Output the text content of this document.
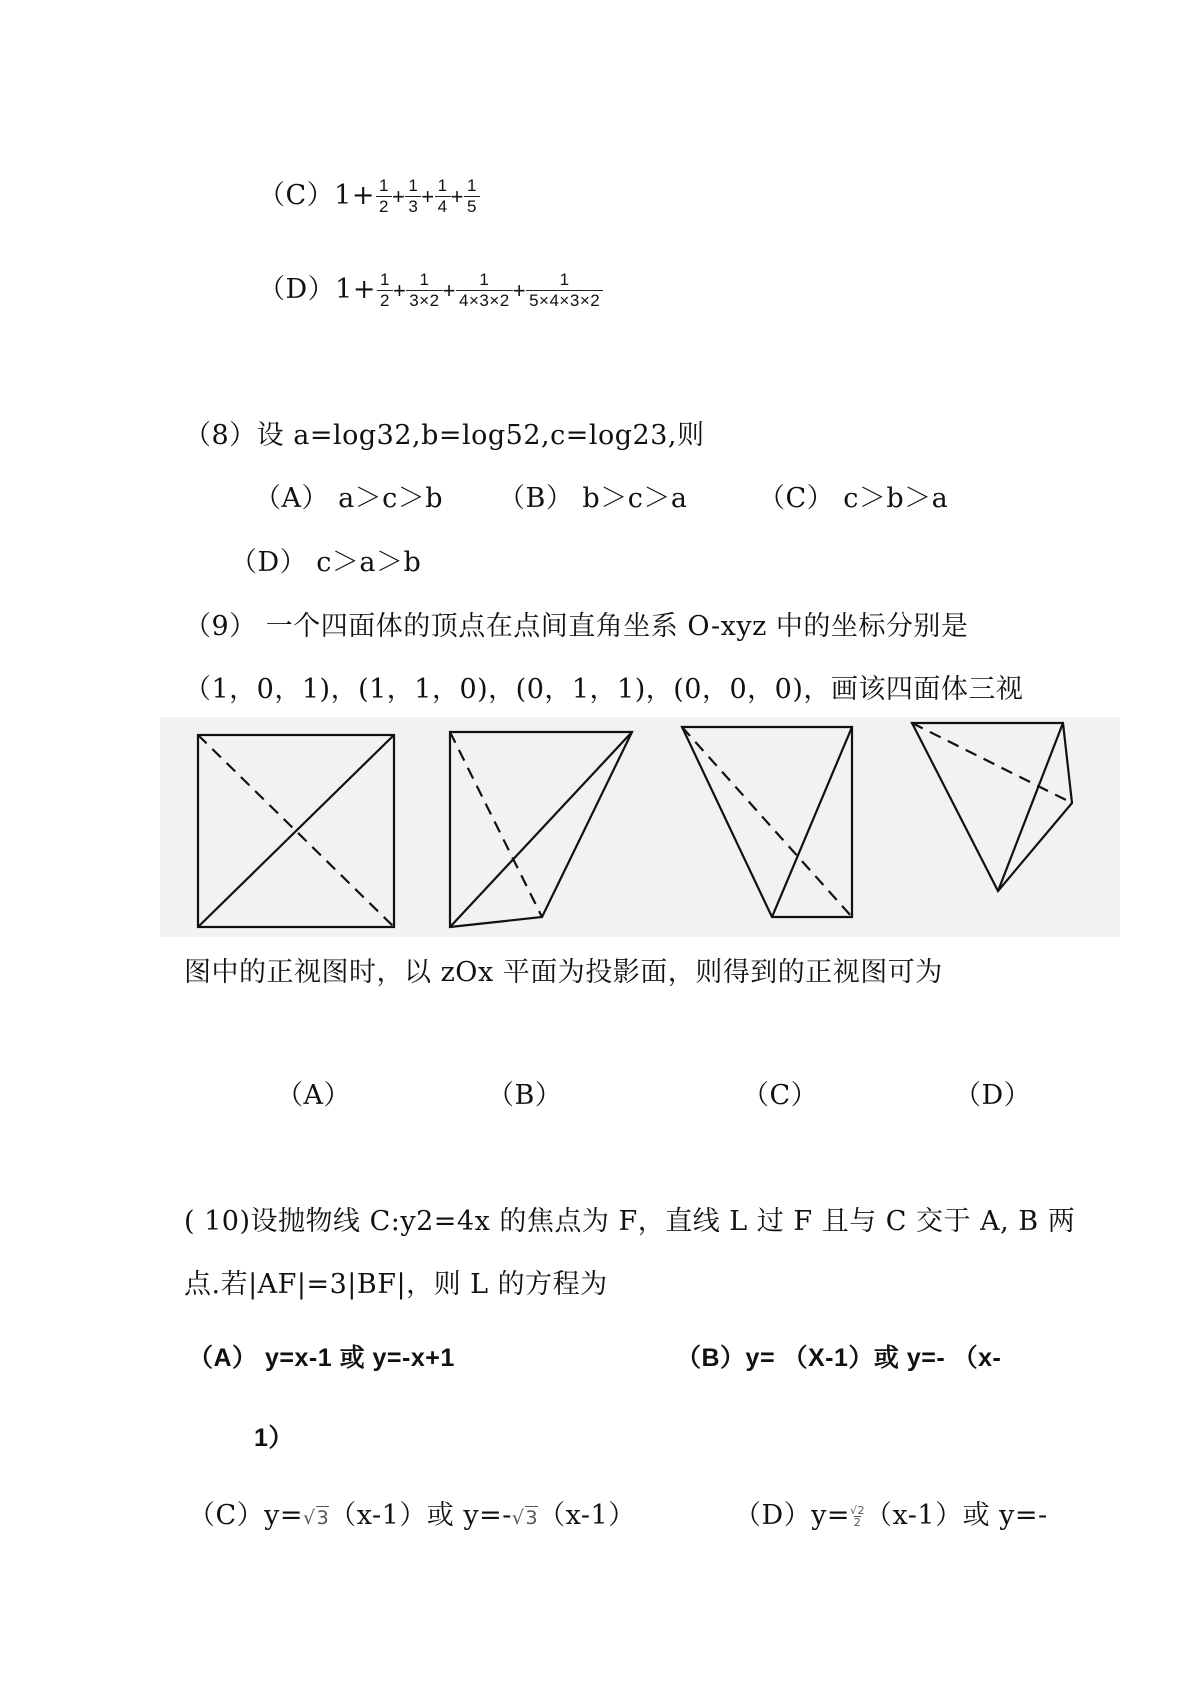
$(C)1+ \frac{1}{2} + \frac{1}{3} + \frac{1}{4} + \frac{1}{5}$
$(D)1+ \frac{1}{2} + \frac{1}{3\times 2} + \frac{1}{4\times 3\times 2} + \frac{1}{5\times 4\times 3\times 2}$
（8）设 a=log32,b=log52,c=log23,则
（A） a＞c＞b （B） b＞c＞a	（C） c＞b＞a
（D） c＞a＞b
（9） 一个四面体的顶点在点间直角坐系 O-xyz 中的坐标分别是
（1，0，1)，(1，1，0)，(0，1，1)，(0，0，0)，画该四面体三视
图中的正视图时，以 zOx 平面为投影面，则得到的正视图可为
（A）	（B）	（C）	（D）
( 10)设抛物线 C:y2=4x 的焦点为 F，直线 L 过 F 且与 C 交于 A, B 两
点.若|AF|=3|BF|，则 L 的方程为
（A） y=x-1 或 y=-x+1	（B）y= （X-1）或 y=- （x-
1）
（C）y=√3（x-1）或 y=-√3（x-1）	$(D)y= \frac{√2}{2} (x-1)$或 y=-
